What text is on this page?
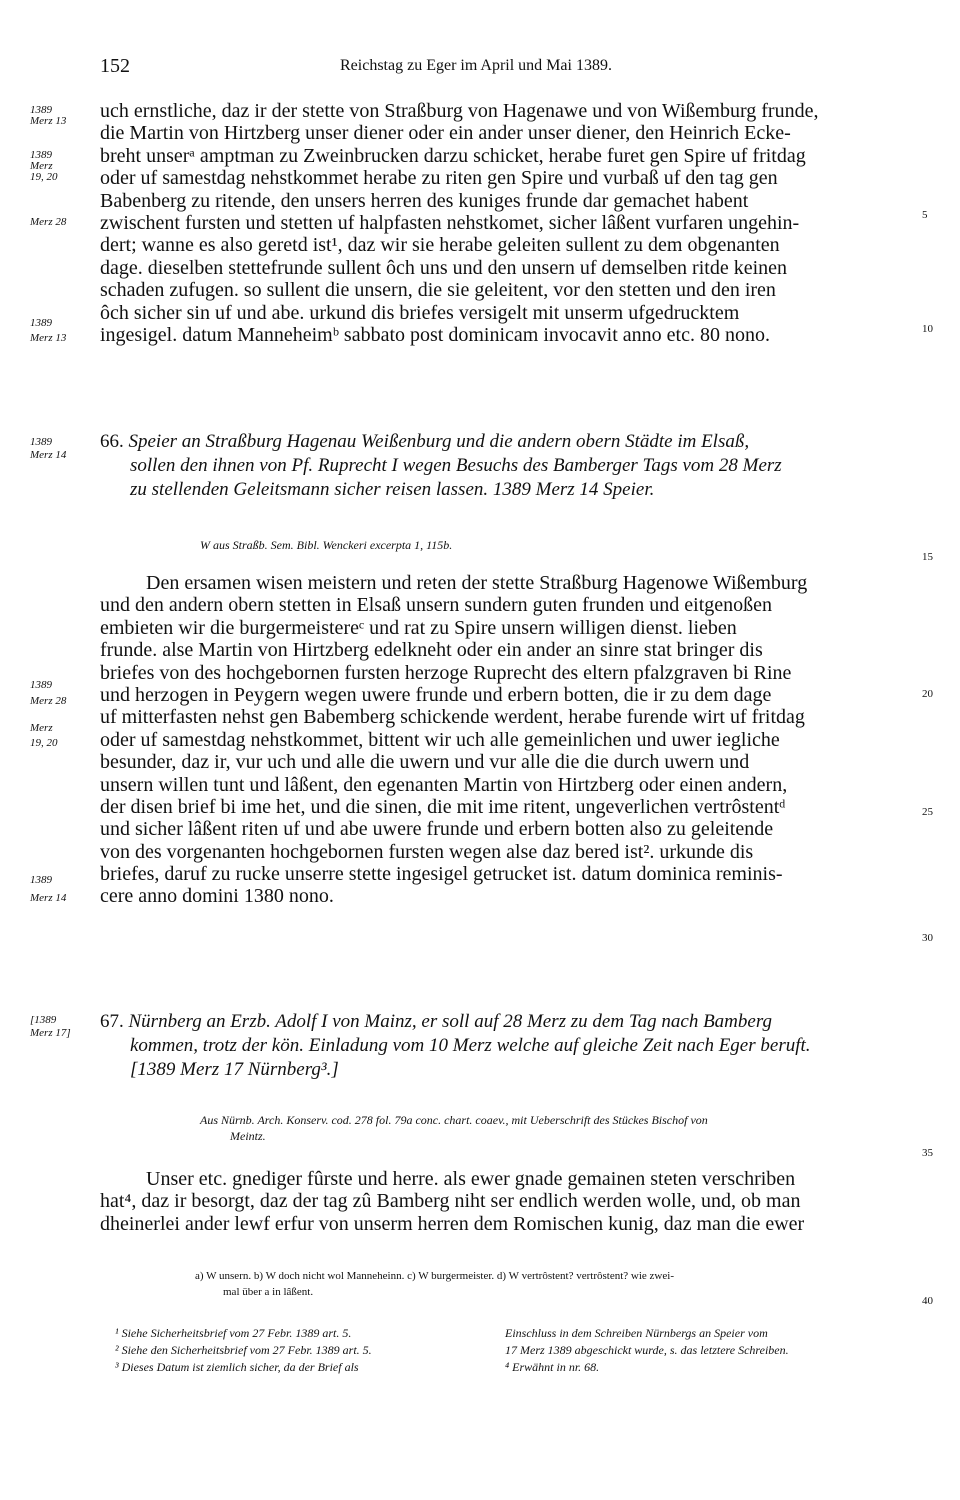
152	Reichstag zu Eger im April und Mai 1389.
uch ernstliche, daz ir der stette von Straßburg von Hagenawe und von Wißemburg frunde,
die Martin von Hirtzberg unser diener oder ein ander unser diener, den Heinrich Ecke-
breht unserᵃ amptman zu Zweinbrucken darzu schicket, herabe furet gen Spire uf fritdag
oder uf samestdag nehstkommet herabe zu riten gen Spire und vurbaß uf den tag gen
Babenberg zu ritende, den unsers herren des kuniges frunde dar gemachet habent
zwischent fursten und stetten uf halpfasten nehstkomet, sicher lâßent vurfaren ungehin-
dert; wanne es also geretd ist¹, daz wir sie herabe geleiten sullent zu dem obgenanten
dage. dieselben stettefrunde sullent ôch uns und den unsern uf demselben ritde keinen
schaden zufugen. so sullent die unsern, die sie geleitent, vor den stetten und den iren
ôch sicher sin uf und abe. urkund dis briefes versigelt mit unserm ufgedrucktem
ingesigel. datum Manneheimᵇ sabbato post dominicam invocavit anno etc. 80 nono.
1389
Merz 13
1389
Merz
19, 20
Merz 28
1389
Merz 13
5
10
66. Speier an Straßburg Hagenau Weißenburg und die andern obern Städte im Elsaß,
sollen den ihnen von Pf. Ruprecht I wegen Besuchs des Bamberger Tags vom 28 Merz
zu stellenden Geleitsmann sicher reisen lassen. 1389 Merz 14 Speier.
1389
Merz 14
W aus Straßb. Sem. Bibl. Wenckeri excerpta 1, 115b.
Den ersamen wisen meistern und reten der stette Straßburg Hagenowe Wißemburg
und den andern obern stetten in Elsaß unsern sundern guten frunden und eitgenoßen
embieten wir die burgermeistereᶜ und rat zu Spire unsern willigen dienst. lieben
frunde. alse Martin von Hirtzberg edelkneht oder ein ander an sinre stat bringer dis
briefes von des hochgebornen fursten herzoge Ruprecht des eltern pfalzgraven bi Rine
und herzogen in Peygern wegen uwere frunde und erbern botten, die ir zu dem dage
uf mitterfasten nehst gen Babemberg schickende werdent, herabe furende wirt uf fritdag
oder uf samestdag nehstkommet, bittent wir uch alle gemeinlichen und uwer iegliche
besunder, daz ir, vur uch und alle die uwern und vur alle die die durch uwern und
unsern willen tunt und lâßent, den egenanten Martin von Hirtzberg oder einen andern,
der disen brief bi ime het, und die sinen, die mit ime ritent, ungeverlichen vertrôstentᵈ
und sicher lâßent riten uf und abe uwere frunde und erbern botten also zu geleitende
von des vorgenanten hochgebornen fursten wegen alse daz bered ist². urkunde dis
briefes, daruf zu rucke unserre stette ingesigel getrucket ist. datum dominica reminis-
cere anno domini 1380 nono.
1389
Merz 28
Merz
19, 20
1389
Merz 14
15
20
25
30
67. Nürnberg an Erzb. Adolf I von Mainz, er soll auf 28 Merz zu dem Tag nach Bamberg
kommen, trotz der kön. Einladung vom 10 Merz welche auf gleiche Zeit nach Eger beruft.
[1389 Merz 17 Nürnberg³.]
[1389
Merz 17]
Aus Nürnb. Arch. Konserv. cod. 278 fol. 79a conc. chart. coaev., mit Ueberschrift des Stückes Bischof von
Meintz.
Unser etc. gnediger fûrste und herre. als ewer gnade gemainen steten verschriben
hat⁴, daz ir besorgt, daz der tag zû Bamberg niht ser endlich werden wolle, und, ob man
dheinerlei ander lewf erfur von unserm herren dem Romischen kunig, daz man die ewer
35
40
a) W unsern. b) W doch nicht wol Manneheinn. c) W burgermeister. d) W vertrôstent? vertrôstent? wie zwei-
mal über a in lâßent.
¹ Siehe Sicherheitsbrief vom 27 Febr. 1389 art. 5.
² Siehe den Sicherheitsbrief vom 27 Febr. 1389 art. 5.
³ Dieses Datum ist ziemlich sicher, da der Brief als
Einschluss in dem Schreiben Nürnbergs an Speier vom
17 Merz 1389 abgeschickt wurde, s. das letztere Schreiben.
⁴ Erwähnt in nr. 68.
